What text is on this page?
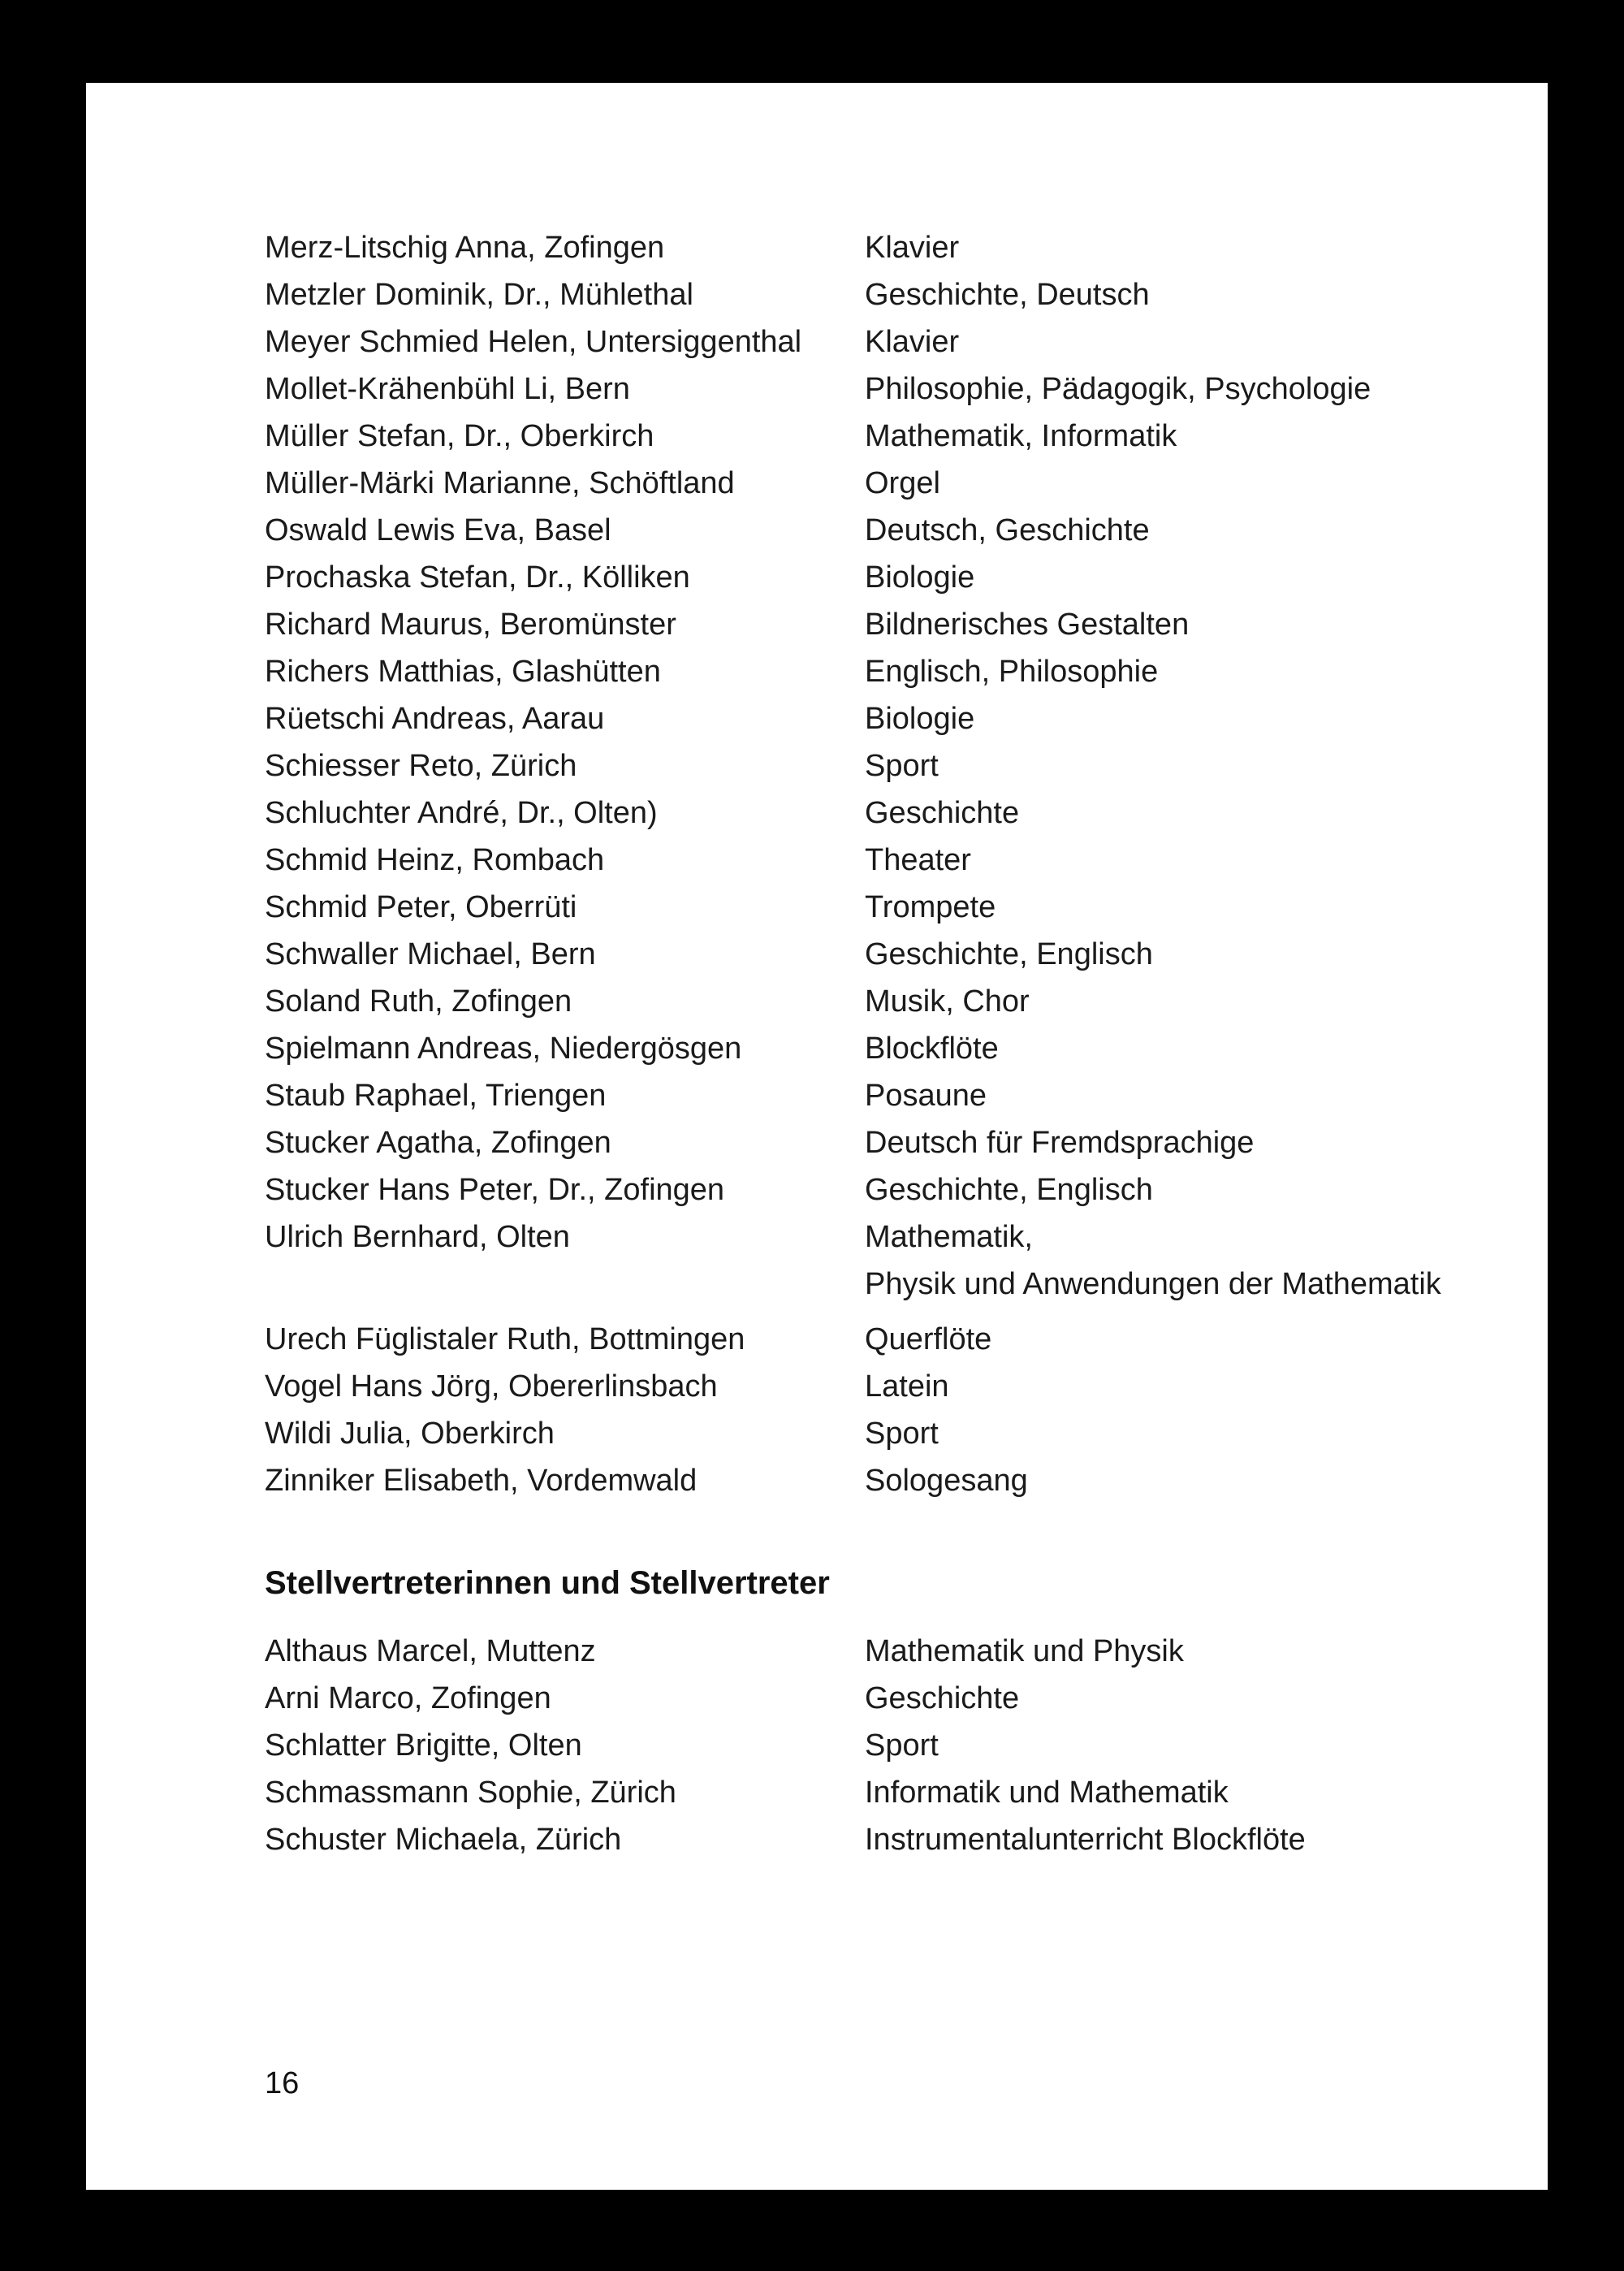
Merz-Litschig Anna, Zofingen	Klavier
Metzler Dominik, Dr., Mühlethal	Geschichte, Deutsch
Meyer Schmied Helen, Untersiggenthal	Klavier
Mollet-Krähenbühl Li, Bern	Philosophie, Pädagogik, Psychologie
Müller Stefan, Dr., Oberkirch	Mathematik, Informatik
Müller-Märki Marianne, Schöftland	Orgel
Oswald Lewis Eva, Basel	Deutsch, Geschichte
Prochaska Stefan, Dr., Kölliken	Biologie
Richard Maurus, Beromünster	Bildnerisches Gestalten
Richers Matthias, Glashütten	Englisch, Philosophie
Rüetschi Andreas, Aarau	Biologie
Schiesser Reto, Zürich	Sport
Schluchter André, Dr., Olten)	Geschichte
Schmid Heinz, Rombach	Theater
Schmid Peter, Oberrüti	Trompete
Schwaller Michael, Bern	Geschichte, Englisch
Soland Ruth, Zofingen	Musik, Chor
Spielmann Andreas, Niedergösgen	Blockflöte
Staub Raphael, Triengen	Posaune
Stucker Agatha, Zofingen	Deutsch für Fremdsprachige
Stucker Hans Peter, Dr., Zofingen	Geschichte, Englisch
Ulrich Bernhard, Olten	Mathematik,
Physik und Anwendungen der Mathematik
Urech Füglistaler Ruth, Bottmingen	Querflöte
Vogel Hans Jörg, Obererlinsbach	Latein
Wildi Julia, Oberkirch	Sport
Zinniker Elisabeth, Vordemwald	Sologesang
Stellvertreterinnen und Stellvertreter
Althaus Marcel, Muttenz	Mathematik und Physik
Arni Marco, Zofingen	Geschichte
Schlatter Brigitte, Olten	Sport
Schmassmann Sophie, Zürich	Informatik und Mathematik
Schuster Michaela, Zürich	Instrumentalunterricht Blockflöte
16
